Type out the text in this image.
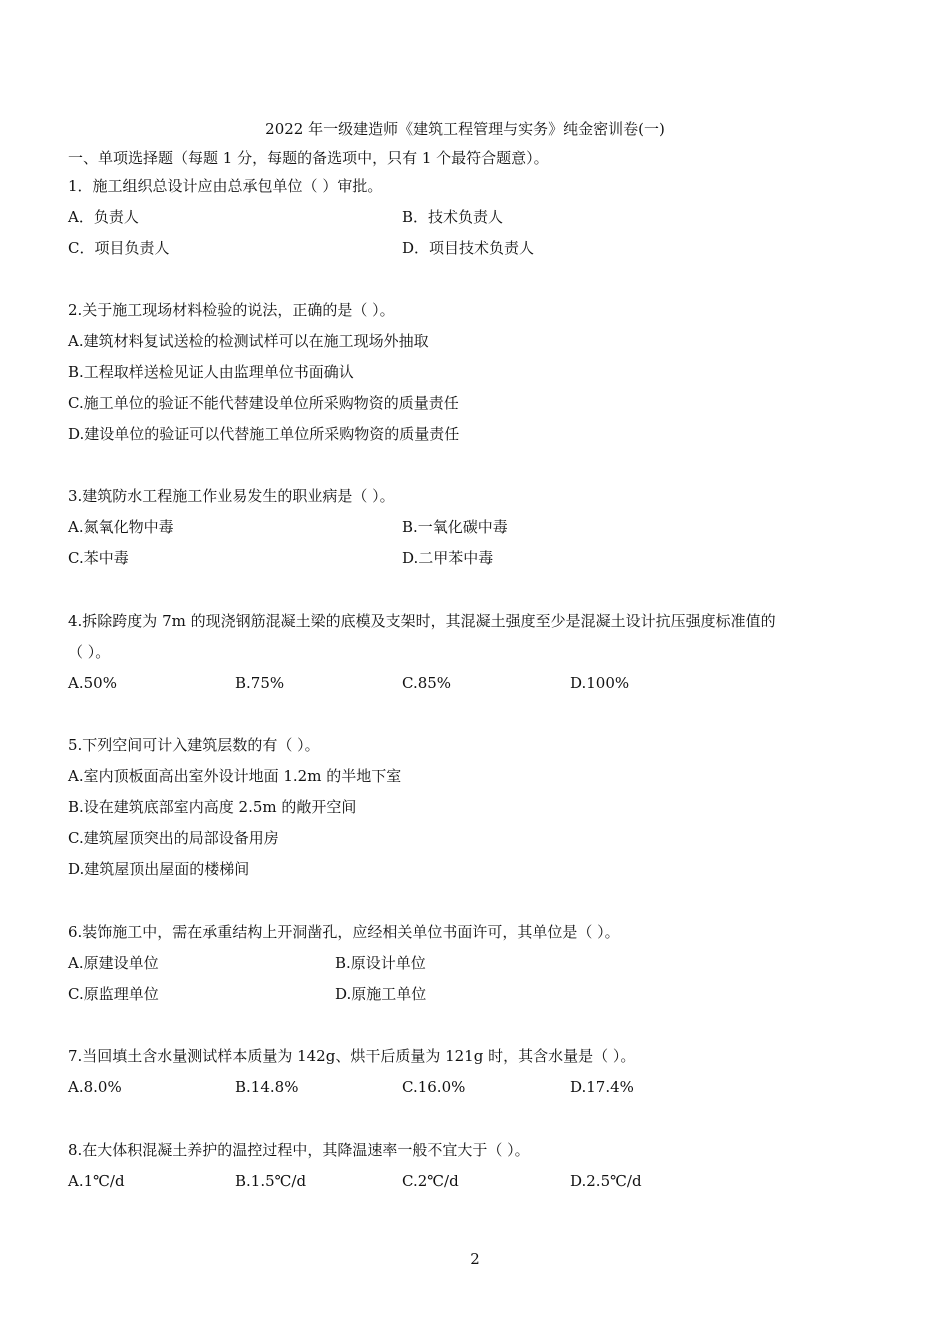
2022 年一级建造师《建筑工程管理与实务》纯金密训卷(一)
一、单项选择题（每题 1 分，每题的备选项中，只有 1 个最符合题意）。
1．施工组织总设计应由总承包单位（ ）审批。
A．负责人	B．技术负责人
C．项目负责人	D．项目技术负责人
2.关于施工现场材料检验的说法，正确的是（ ）。
A.建筑材料复试送检的检测试样可以在施工现场外抽取
B.工程取样送检见证人由监理单位书面确认
C.施工单位的验证不能代替建设单位所采购物资的质量责任
D.建设单位的验证可以代替施工单位所采购物资的质量责任
3.建筑防水工程施工作业易发生的职业病是（ ）。
A.氮氧化物中毒	B.一氧化碳中毒
C.苯中毒	D.二甲苯中毒
4.拆除跨度为 7m 的现浇钢筋混凝土梁的底模及支架时，其混凝土强度至少是混凝土设计抗压强度标准值的
（ ）。
A.50%	B.75%	C.85%	D.100%
5.下列空间可计入建筑层数的有（ ）。
A.室内顶板面高出室外设计地面 1.2m 的半地下室
B.设在建筑底部室内高度 2.5m 的敞开空间
C.建筑屋顶突出的局部设备用房
D.建筑屋顶出屋面的楼梯间
6.装饰施工中，需在承重结构上开洞凿孔，应经相关单位书面许可，其单位是（ ）。
A.原建设单位	B.原设计单位
C.原监理单位	D.原施工单位
7.当回填土含水量测试样本质量为 142g、烘干后质量为 121g 时，其含水量是（ ）。
A.8.0%	B.14.8%	C.16.0%	D.17.4%
8.在大体积混凝土养护的温控过程中，其降温速率一般不宜大于（ ）。
A.1℃/d	B.1.5℃/d	C.2℃/d	D.2.5℃/d
2
